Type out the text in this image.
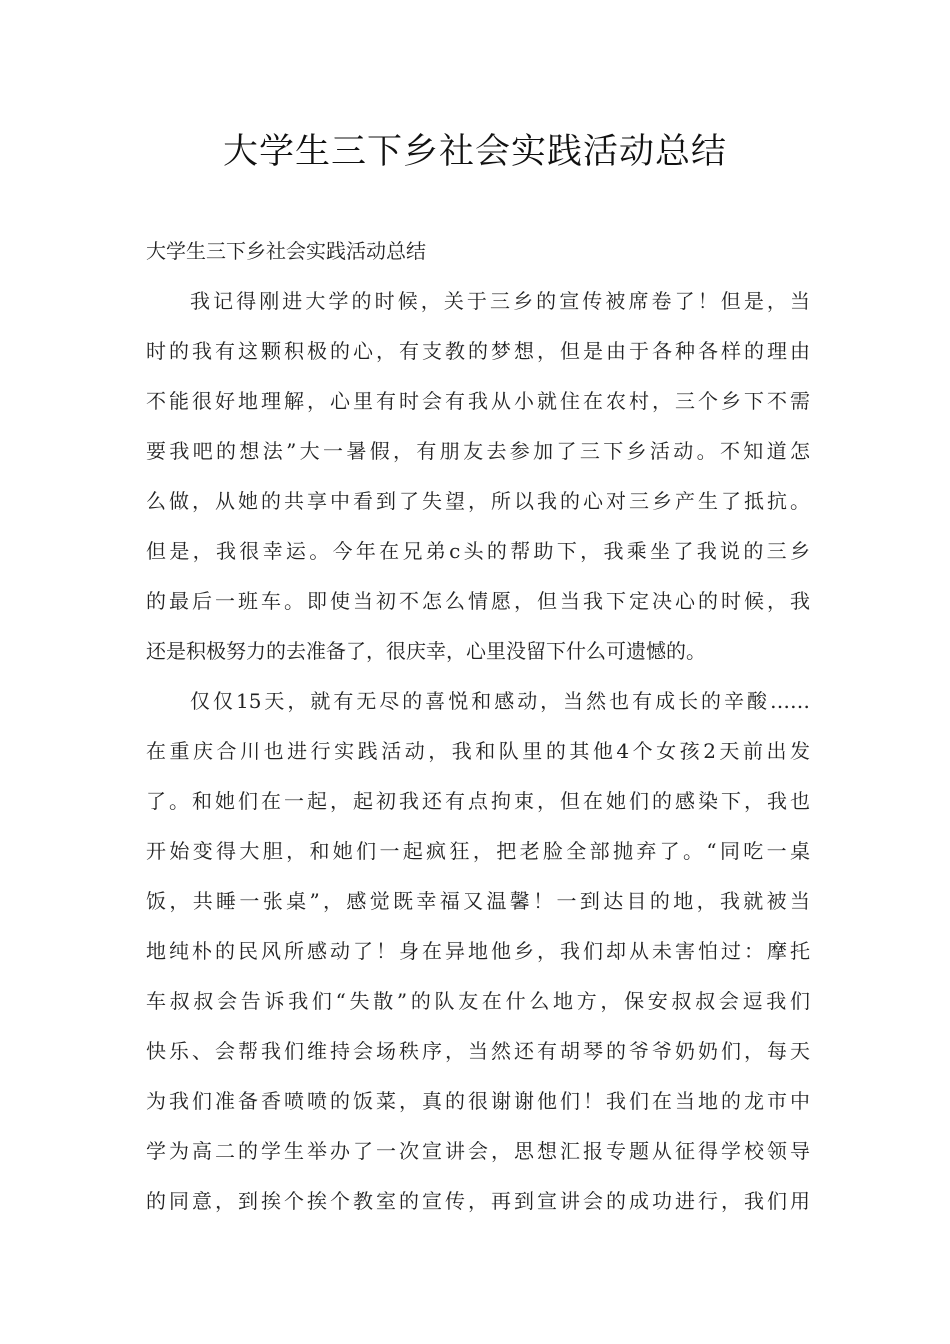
大学生三下乡社会实践活动总结
大学生三下乡社会实践活动总结
我记得刚进大学的时候，关于三乡的宣传被席卷了！但是，当
时的我有这颗积极的心，有支教的梦想，但是由于各种各样的理由
不能很好地理解，心里有时会有我从小就住在农村，三个乡下不需
要我吧的想法”大一暑假，有朋友去参加了三下乡活动。不知道怎
么做，从她的共享中看到了失望，所以我的心对三乡产生了抵抗。
但是，我很幸运。今年在兄弟c头的帮助下，我乘坐了我说的三乡
的最后一班车。即使当初不怎么情愿，但当我下定决心的时候，我
还是积极努力的去准备了，很庆幸，心里没留下什么可遗憾的。
仅仅15天，就有无尽的喜悦和感动，当然也有成长的辛酸……
在重庆合川也进行实践活动，我和队里的其他4个女孩2天前出发
了。和她们在一起，起初我还有点拘束，但在她们的感染下，我也
开始变得大胆，和她们一起疯狂，把老脸全部抛弃了。“同吃一桌
饭，共睡一张桌”，感觉既幸福又温馨！一到达目的地，我就被当
地纯朴的民风所感动了！身在异地他乡，我们却从未害怕过：摩托
车叔叔会告诉我们“失散”的队友在什么地方，保安叔叔会逗我们
快乐、会帮我们维持会场秩序，当然还有胡琴的爷爷奶奶们，每天
为我们准备香喷喷的饭菜，真的很谢谢他们！我们在当地的龙市中
学为高二的学生举办了一次宣讲会，思想汇报专题从征得学校领导
的同意，到挨个挨个教室的宣传，再到宣讲会的成功进行，我们用
